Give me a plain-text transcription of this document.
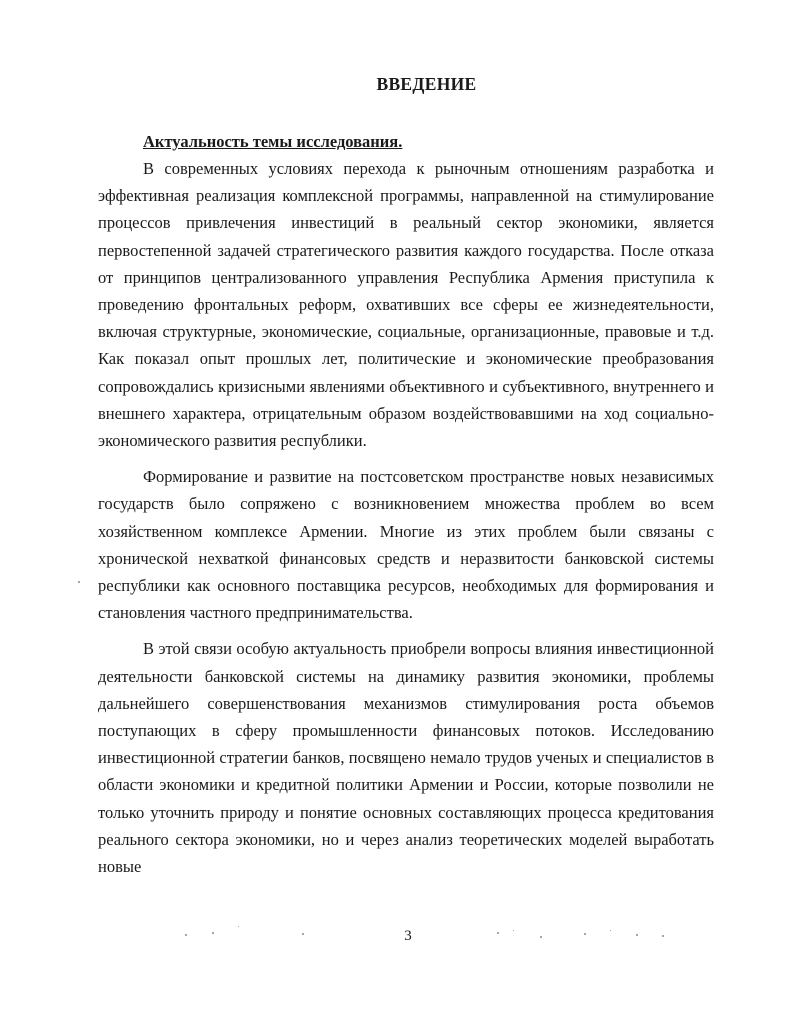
ВВЕДЕНИЕ

Актуальность темы исследования.

В современных условиях перехода к рыночным отношениям разработка и эффективная реализация комплексной программы, направленной на стимулирование процессов привлечения инвестиций в реальный сектор экономики, является первостепенной задачей стратегического развития каждого государства. После отказа от принципов централизованного управления Республика Армения приступила к проведению фронтальных реформ, охвативших все сферы ее жизнедеятельности, включая структурные, экономические, социальные, организационные, правовые и т.д. Как показал опыт прошлых лет, политические и экономические преобразования сопровождались кризисными явлениями объективного и субъективного, внутреннего и внешнего характера, отрицательным образом воздействовавшими на ход социально-экономического развития республики.

Формирование и развитие на постсоветском пространстве новых независимых государств было сопряжено с возникновением множества проблем во всем хозяйственном комплексе Армении. Многие из этих проблем были связаны с хронической нехваткой финансовых средств и неразвитости банковской системы республики как основного поставщика ресурсов, необходимых для формирования и становления частного предпринимательства.

В этой связи особую актуальность приобрели вопросы влияния инвестиционной деятельности банковской системы на динамику развития экономики, проблемы дальнейшего совершенствования механизмов стимулирования роста объемов поступающих в сферу промышленности финансовых потоков. Исследованию инвестиционной стратегии банков, посвящено немало трудов ученых и специалистов в области экономики и кредитной политики Армении и России, которые позволили не только уточнить природу и понятие основных составляющих процесса кредитования реального сектора экономики, но и через анализ теоретических моделей выработать новые

3
